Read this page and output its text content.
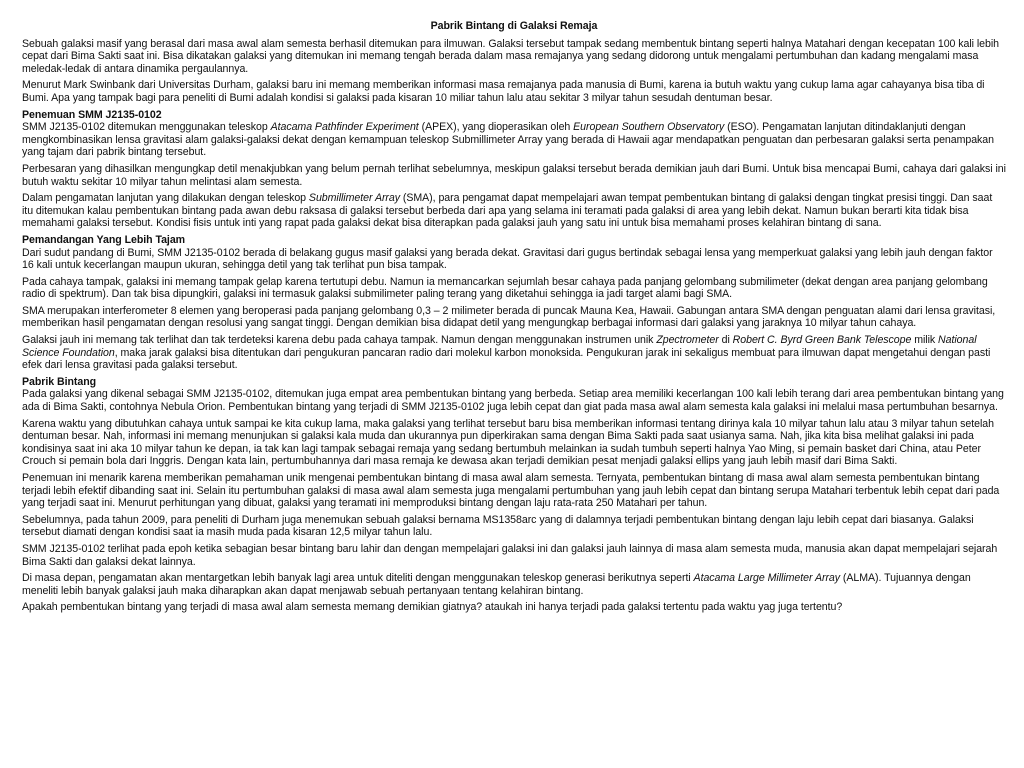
Pabrik Bintang di Galaksi Remaja

Sebuah galaksi masif yang berasal dari masa awal alam semesta berhasil ditemukan para ilmuwan. Galaksi tersebut tampak sedang membentuk bintang seperti halnya Matahari dengan kecepatan 100 kali lebih cepat dari Bima Sakti saat ini. Bisa dikatakan galaksi yang ditemukan ini memang tengah berada dalam masa remajanya yang sedang didorong untuk mengalami pertumbuhan dan kadang mengalami masa meledak-ledak di antara dinamika pergaulannya.

Menurut Mark Swinbank dari Universitas Durham, galaksi baru ini memang memberikan informasi masa remajanya pada manusia di Bumi, karena ia butuh waktu yang cukup lama agar cahayanya bisa tiba di Bumi. Apa yang tampak bagi para peneliti di Bumi adalah kondisi si galaksi pada kisaran 10 miliar tahun lalu atau sekitar 3 milyar tahun sesudah dentuman besar.

Penemuan SMM J2135-0102

SMM J2135-0102 ditemukan menggunakan teleskop Atacama Pathfinder Experiment (APEX), yang dioperasikan oleh European Southern Observatory (ESO). Pengamatan lanjutan ditindaklanjuti dengan mengkombinasikan lensa gravitasi alam galaksi-galaksi dekat dengan kemampuan teleskop Submillimeter Array yang berada di Hawaii agar mendapatkan penguatan dan perbesaran galaksi serta penampakan yang tajam dari pabrik bintang tersebut.

Perbesaran yang dihasilkan mengungkap detil menakjubkan yang belum pernah terlihat sebelumnya, meskipun galaksi tersebut berada demikian jauh dari Bumi. Untuk bisa mencapai Bumi, cahaya dari galaksi ini butuh waktu sekitar 10 milyar tahun melintasi alam semesta.

Dalam pengamatan lanjutan yang dilakukan dengan teleskop Submillimeter Array (SMA), para pengamat dapat mempelajari awan tempat pembentukan bintang di galaksi dengan tingkat presisi tinggi. Dan saat itu ditemukan kalau pembentukan bintang pada awan debu raksasa di galaksi tersebut berbeda dari apa yang selama ini teramati pada galaksi di area yang lebih dekat. Namun bukan berarti kita tidak bisa memahami galaksi tersebut. Kondisi fisis untuk inti yang rapat pada galaksi dekat bisa diterapkan pada galaksi jauh yang satu ini untuk bisa memahami proses kelahiran bintang di sana.

Pemandangan Yang Lebih Tajam

Dari sudut pandang di Bumi, SMM J2135-0102 berada di belakang gugus masif galaksi yang berada dekat. Gravitasi dari gugus bertindak sebagai lensa yang memperkuat galaksi yang lebih jauh dengan faktor 16 kali untuk kecerlangan maupun ukuran, sehingga detil yang tak terlihat pun bisa tampak.

Pada cahaya tampak, galaksi ini memang tampak gelap karena tertutupi debu. Namun ia memancarkan sejumlah besar cahaya pada panjang gelombang submilimeter (dekat dengan area panjang gelombang radio di spektrum). Dan tak bisa dipungkiri, galaksi ini termasuk galaksi submilimeter paling terang yang diketahui sehingga ia jadi target alami bagi SMA.

SMA merupakan interferometer 8 elemen yang beroperasi pada panjang gelombang 0,3 – 2 milimeter berada di puncak Mauna Kea, Hawaii. Gabungan antara SMA dengan penguatan alami dari lensa gravitasi, memberikan hasil pengamatan dengan resolusi yang sangat tinggi. Dengan demikian bisa didapat detil yang mengungkap berbagai informasi dari galaksi yang jaraknya 10 milyar tahun cahaya.

Galaksi jauh ini memang tak terlihat dan tak terdeteksi karena debu pada cahaya tampak. Namun dengan menggunakan instrumen unik Zpectrometer di Robert C. Byrd Green Bank Telescope milik National Science Foundation, maka jarak galaksi bisa ditentukan dari pengukuran pancaran radio dari molekul karbon monoksida. Pengukuran jarak ini sekaligus membuat para ilmuwan dapat mengetahui dengan pasti efek dari lensa gravitasi pada galaksi tersebut.

Pabrik Bintang

Pada galaksi yang dikenal sebagai SMM J2135-0102, ditemukan juga empat area pembentukan bintang yang berbeda. Setiap area memiliki kecerlangan 100 kali lebih terang dari area pembentukan bintang yang ada di Bima Sakti, contohnya Nebula Orion. Pembentukan bintang yang terjadi di SMM J2135-0102 juga lebih cepat dan giat pada masa awal alam semesta kala galaksi ini melalui masa pertumbuhan besarnya.

Karena waktu yang dibutuhkan cahaya untuk sampai ke kita cukup lama, maka galaksi yang terlihat tersebut baru bisa memberikan informasi tentang dirinya kala 10 milyar tahun lalu atau 3 milyar tahun setelah dentuman besar. Nah, informasi ini memang menunjukan si galaksi kala muda dan ukurannya pun diperkirakan sama dengan Bima Sakti pada saat usianya sama. Nah, jika kita bisa melihat galaksi ini pada kondisinya saat ini aka 10 milyar tahun ke depan, ia tak kan lagi tampak sebagai remaja yang sedang bertumbuh melainkan ia sudah tumbuh seperti halnya Yao Ming, si pemain basket dari China, atau Peter Crouch si pemain bola dari Inggris. Dengan kata lain, pertumbuhannya dari masa remaja ke dewasa akan terjadi demikian pesat menjadi galaksi ellips yang jauh lebih masif dari Bima Sakti.

Penemuan ini menarik karena memberikan pemahaman unik mengenai pembentukan bintang di masa awal alam semesta. Ternyata, pembentukan bintang di masa awal alam semesta pembentukan bintang terjadi lebih efektif dibanding saat ini. Selain itu pertumbuhan galaksi di masa awal alam semesta juga mengalami pertumbuhan yang jauh lebih cepat dan bintang serupa Matahari terbentuk lebih cepat dari pada yang terjadi saat ini. Menurut perhitungan yang dibuat, galaksi yang teramati ini memproduksi bintang dengan laju rata-rata 250 Matahari per tahun.

Sebelumnya, pada tahun 2009, para peneliti di Durham juga menemukan sebuah galaksi bernama MS1358arc yang di dalamnya terjadi pembentukan bintang dengan laju lebih cepat dari biasanya. Galaksi tersebut diamati dengan kondisi saat ia masih muda pada kisaran 12,5 milyar tahun lalu.

SMM J2135-0102 terlihat pada epoh ketika sebagian besar bintang baru lahir dan dengan mempelajari galaksi ini dan galaksi jauh lainnya di masa alam semesta muda, manusia akan dapat mempelajari sejarah Bima Sakti dan galaksi dekat lainnya.

Di masa depan, pengamatan akan mentargetkan lebih banyak lagi area untuk diteliti dengan menggunakan teleskop generasi berikutnya seperti Atacama Large Millimeter Array (ALMA). Tujuannya dengan meneliti lebih banyak galaksi jauh maka diharapkan akan dapat menjawab sebuah pertanyaan tentang kelahiran bintang.

Apakah pembentukan bintang yang terjadi di masa awal alam semesta memang demikian giatnya? ataukah ini hanya terjadi pada galaksi tertentu pada waktu yag juga tertentu?
